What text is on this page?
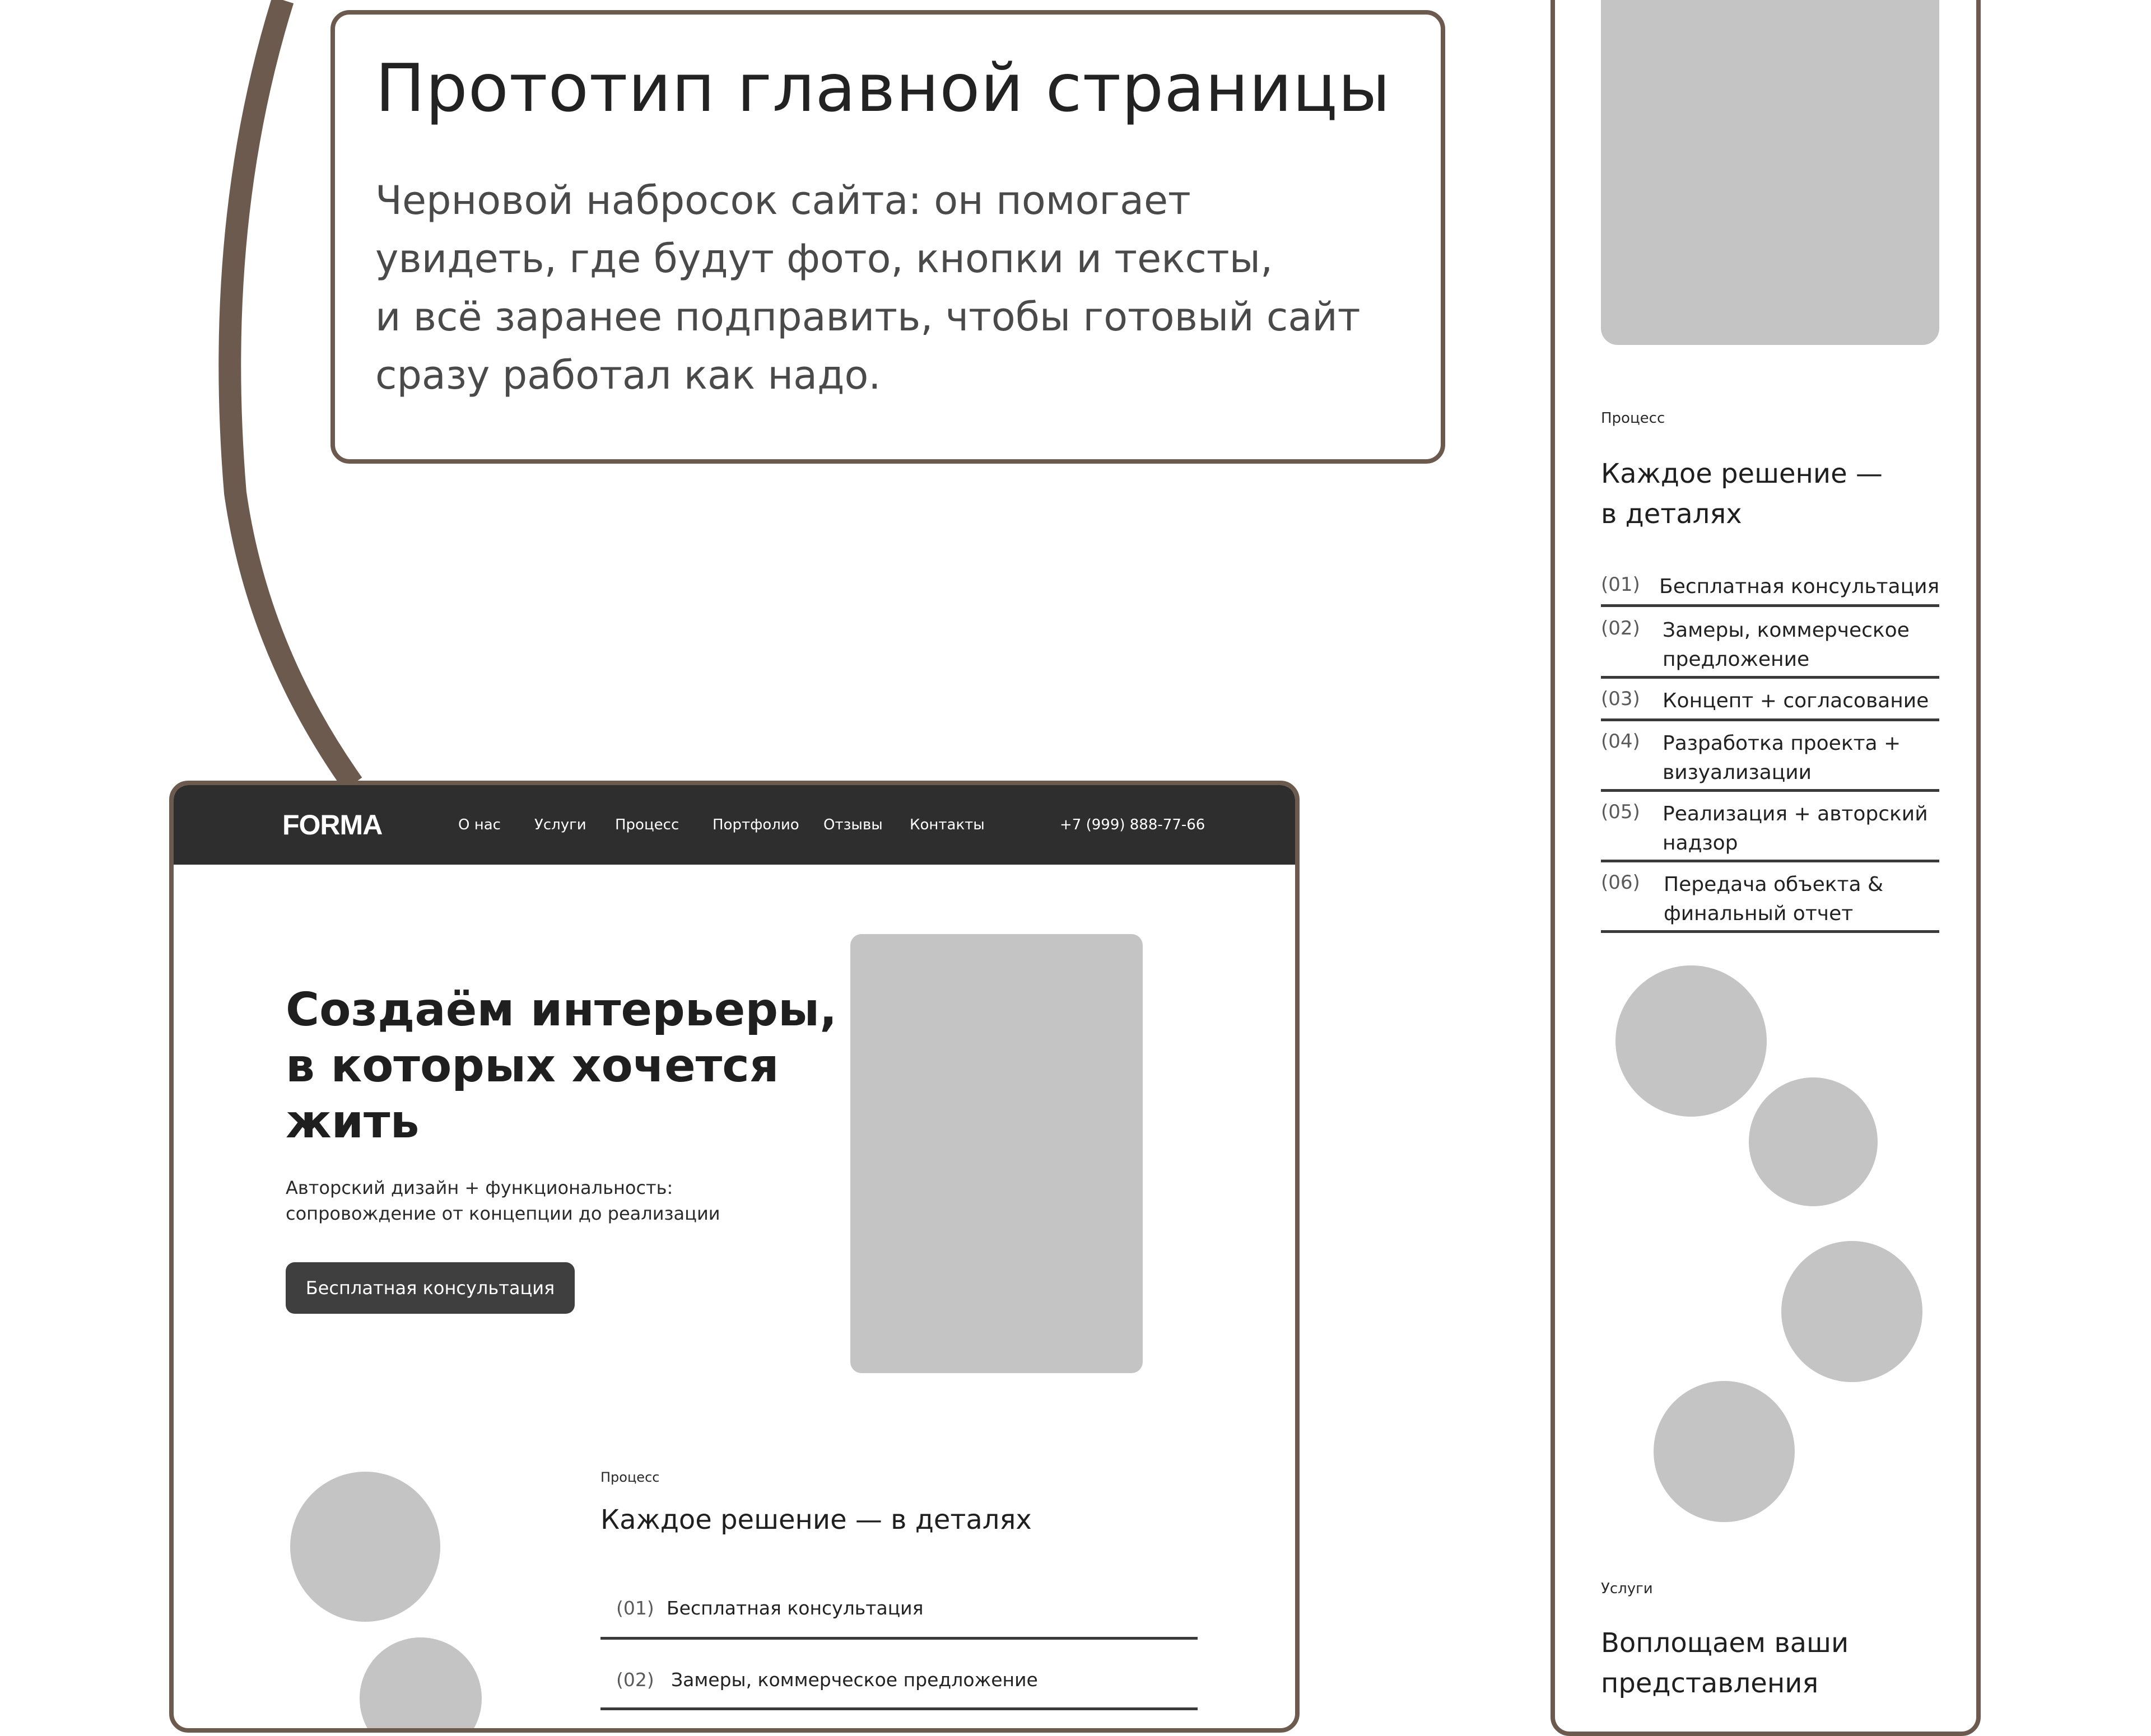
Прототип главной страницы
Черновой набросок сайта: он помогает
увидеть, где будут фото, кнопки и тексты,
и всё заранее подправить, чтобы готовый сайт
сразу работал как надо.
FORMA	О нас Услуги Процесс Портфолио Отзывы Контакты	+7 (999) 888-77-66
Создаём интерьеры,
в которых хочется
жить
Авторский дизайн + функциональность:
сопровождение от концепции до реализации
Бесплатная консультация
Процесс
Каждое решение — в деталях
(01) Бесплатная консультация
(02) Замеры, коммерческое предложение
Процесс
Каждое решение —
в деталях
(01) Бесплатная консультация
(02) Замеры, коммерческое
предложение
(03) Концепт + согласование
(04) Разработка проекта +
визуализации
(05) Реализация + авторский
надзор
(06) Передача объекта &
финальный отчет
Услуги
Воплощаем ваши
представления
